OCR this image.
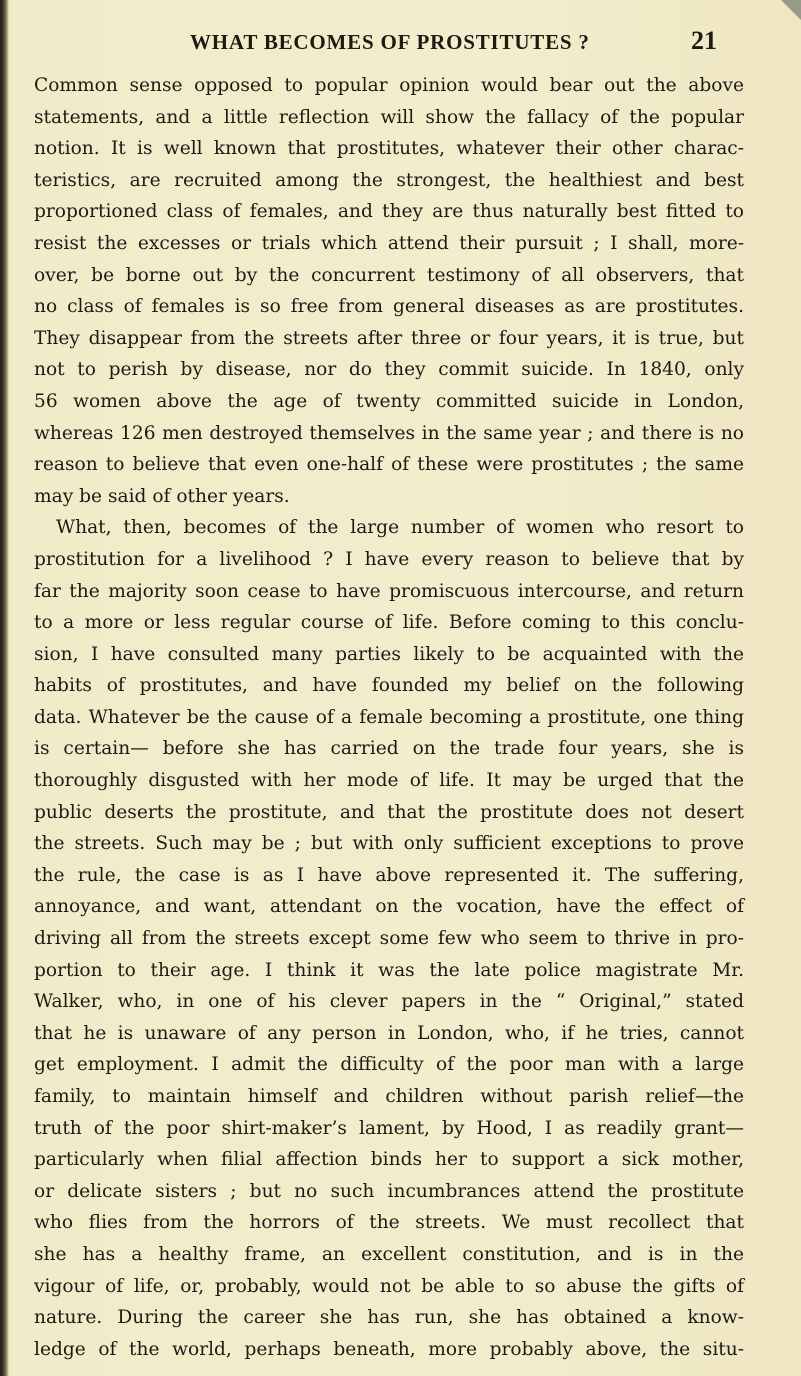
WHAT BECOMES OF PROSTITUTES ?	21
Common sense opposed to popular opinion would bear out the above
statements, and a little reflection will show the fallacy of the popular
notion. It is well known that prostitutes, whatever their other charac-
teristics, are recruited among the strongest, the healthiest and best
proportioned class of females, and they are thus naturally best fitted to
resist the excesses or trials which attend their pursuit ; I shall, more-
over, be borne out by the concurrent testimony of all observers, that
no class of females is so free from general diseases as are prostitutes.
They disappear from the streets after three or four years, it is true, but
not to perish by disease, nor do they commit suicide. In 1840, only
56 women above the age of twenty committed suicide in London,
whereas 126 men destroyed themselves in the same year ; and there is no
reason to believe that even one-half of these were prostitutes ; the same
may be said of other years.
What, then, becomes of the large number of women who resort to
prostitution for a livelihood ? I have every reason to believe that by
far the majority soon cease to have promiscuous intercourse, and return
to a more or less regular course of life. Before coming to this conclu-
sion, I have consulted many parties likely to be acquainted with the
habits of prostitutes, and have founded my belief on the following
data. Whatever be the cause of a female becoming a prostitute, one thing
is certain— before she has carried on the trade four years, she is
thoroughly disgusted with her mode of life. It may be urged that the
public deserts the prostitute, and that the prostitute does not desert
the streets. Such may be ; but with only sufficient exceptions to prove
the rule, the case is as I have above represented it. The suffering,
annoyance, and want, attendant on the vocation, have the effect of
driving all from the streets except some few who seem to thrive in pro-
portion to their age. I think it was the late police magistrate Mr.
Walker, who, in one of his clever papers in the “ Original,” stated
that he is unaware of any person in London, who, if he tries, cannot
get employment. I admit the difficulty of the poor man with a large
family, to maintain himself and children without parish relief—the
truth of the poor shirt-maker’s lament, by Hood, I as readily grant—
particularly when filial affection binds her to support a sick mother,
or delicate sisters ; but no such incumbrances attend the prostitute
who flies from the horrors of the streets. We must recollect that
she has a healthy frame, an excellent constitution, and is in the
vigour of life, or, probably, would not be able to so abuse the gifts of
nature. During the career she has run, she has obtained a know-
ledge of the world, perhaps beneath, more probably above, the situ-
